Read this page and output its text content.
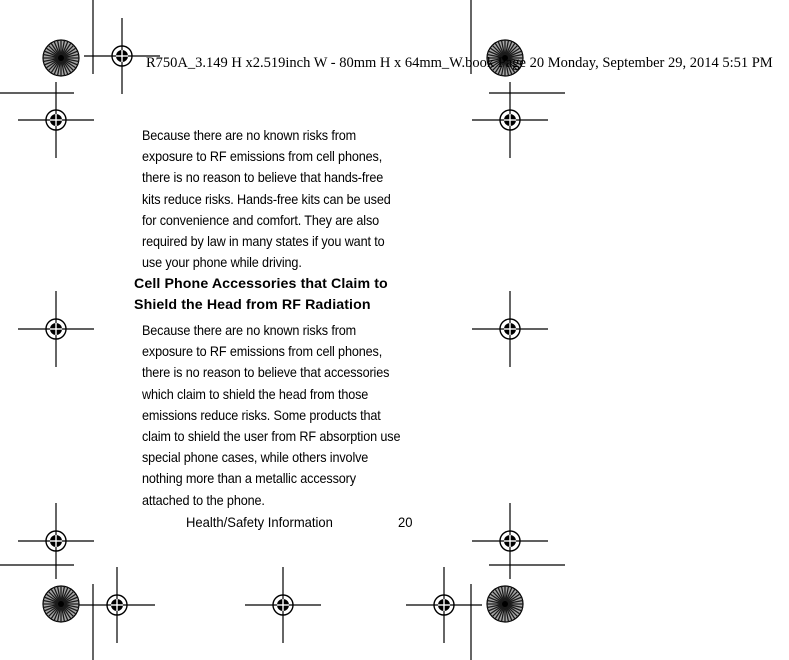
R750A_3.149 H x2.519inch W - 80mm H x 64mm_W.book Page 20 Monday, September 29, 2014 5:51 PM

Because there are no known risks from exposure to RF emissions from cell phones, there is no reason to believe that hands-free kits reduce risks. Hands-free kits can be used for convenience and comfort. They are also required by law in many states if you want to use your phone while driving.

Cell Phone Accessories that Claim to Shield the Head from RF Radiation

Because there are no known risks from exposure to RF emissions from cell phones, there is no reason to believe that accessories which claim to shield the head from those emissions reduce risks. Some products that claim to shield the user from RF absorption use special phone cases, while others involve nothing more than a metallic accessory attached to the phone.

Health/Safety Information	20
